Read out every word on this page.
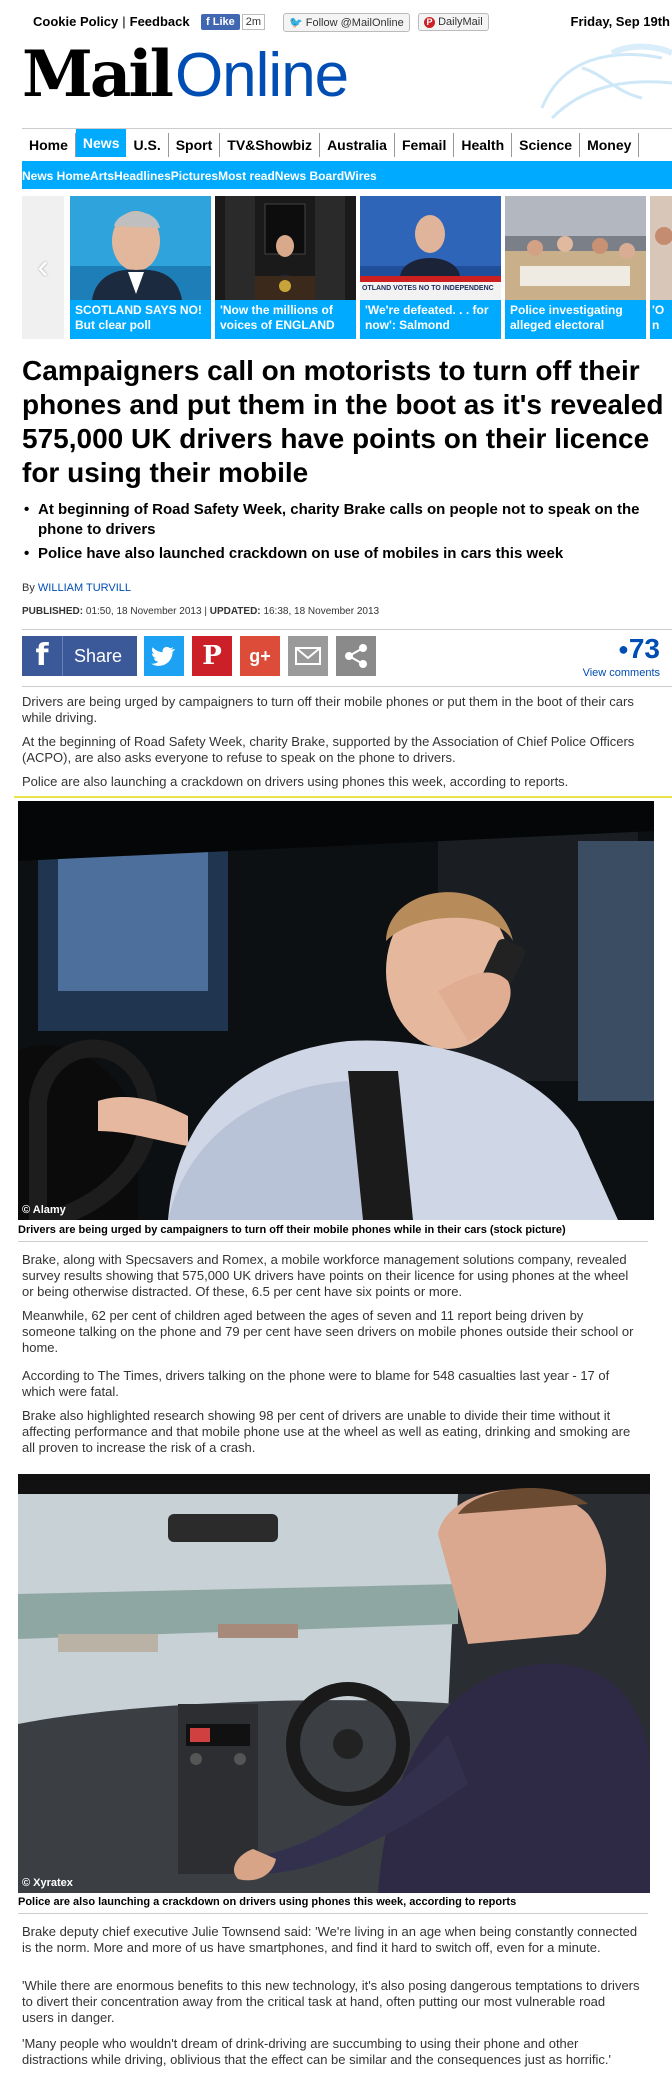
Cookie Policy | Feedback	f Like 2m	🐦 Follow @MailOnline	P DailyMail	Friday, Sep 19th
MailOnline
Home	News	U.S.	Sport	TV&Showbiz	Australia	Femail	Health	Science	Money
News HomeArtsHeadlinesPicturesMost readNews BoardWires
‹
SCOTLAND SAYS NO! But clear poll
'Now the millions of voices of ENGLAND
OTLAND VOTES NO TO INDEPENDENC
'We're defeated. . . for now': Salmond
Police investigating alleged electoral
'O n
Campaigners call on motorists to turn off their phones and put them in the boot as it's revealed 575,000 UK drivers have points on their licence for using their mobile
• At beginning of Road Safety Week, charity Brake calls on people not to speak on the phone to drivers
• Police have also launched crackdown on use of mobiles in cars this week
By WILLIAM TURVILL
PUBLISHED: 01:50, 18 November 2013 | UPDATED: 16:38, 18 November 2013
f	Share	P	g+	●73
View comments

Drivers are being urged by campaigners to turn off their mobile phones or put them in the boot of their cars while driving.

At the beginning of Road Safety Week, charity Brake, supported by the Association of Chief Police Officers (ACPO), are also asks everyone to refuse to speak on the phone to drivers.

Police are also launching a crackdown on drivers using phones this week, according to reports.

© Alamy
Drivers are being urged by campaigners to turn off their mobile phones while in their cars (stock picture)

Brake, along with Specsavers and Romex, a mobile workforce management solutions company, revealed survey results showing that 575,000 UK drivers have points on their licence for using phones at the wheel or being otherwise distracted. Of these, 6.5 per cent have six points or more.

Meanwhile, 62 per cent of children aged between the ages of seven and 11 report being driven by someone talking on the phone and 79 per cent have seen drivers on mobile phones outside their school or home.

According to The Times, drivers talking on the phone were to blame for 548 casualties last year - 17 of which were fatal.

Brake also highlighted research showing 98 per cent of drivers are unable to divide their time without it affecting performance and that mobile phone use at the wheel as well as eating, drinking and smoking are all proven to increase the risk of a crash.

© Xyratex
Police are also launching a crackdown on drivers using phones this week, according to reports

Brake deputy chief executive Julie Townsend said: 'We're living in an age when being constantly connected is the norm. More and more of us have smartphones, and find it hard to switch off, even for a minute.

'While there are enormous benefits to this new technology, it's also posing dangerous temptations to drivers to divert their concentration away from the critical task at hand, often putting our most vulnerable road users in danger.

'Many people who wouldn't dream of drink-driving are succumbing to using their phone and other distractions while driving, oblivious that the effect can be similar and the consequences just as horrific.'
